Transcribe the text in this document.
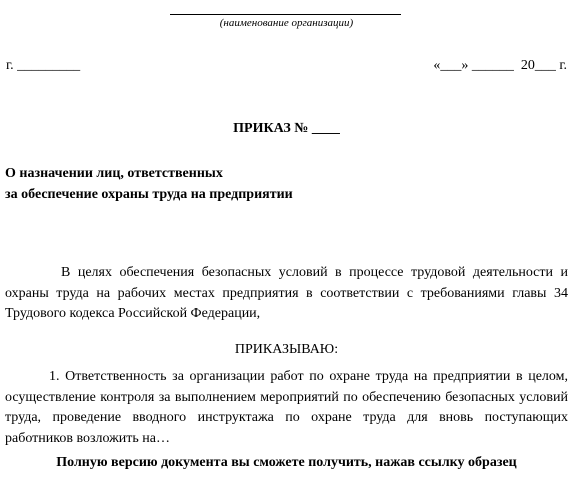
(наименование организации)
г. _________	«___» ______  20___ г.
ПРИКАЗ № ____
О назначении лиц, ответственных
за обеспечение охраны труда на предприятии
В целях обеспечения безопасных условий в процессе трудовой деятельности и охраны труда на рабочих местах предприятия в соответствии с требованиями главы 34 Трудового кодекса Российской Федерации,
ПРИКАЗЫВАЮ:
1. Ответственность за организации работ по охране труда на предприятии в целом, осуществление контроля за выполнением мероприятий по обеспечению безопасных условий труда, проведение вводного инструктажа по охране труда для вновь поступающих работников возложить на…
Полную версию документа вы сможете получить, нажав ссылку образец
